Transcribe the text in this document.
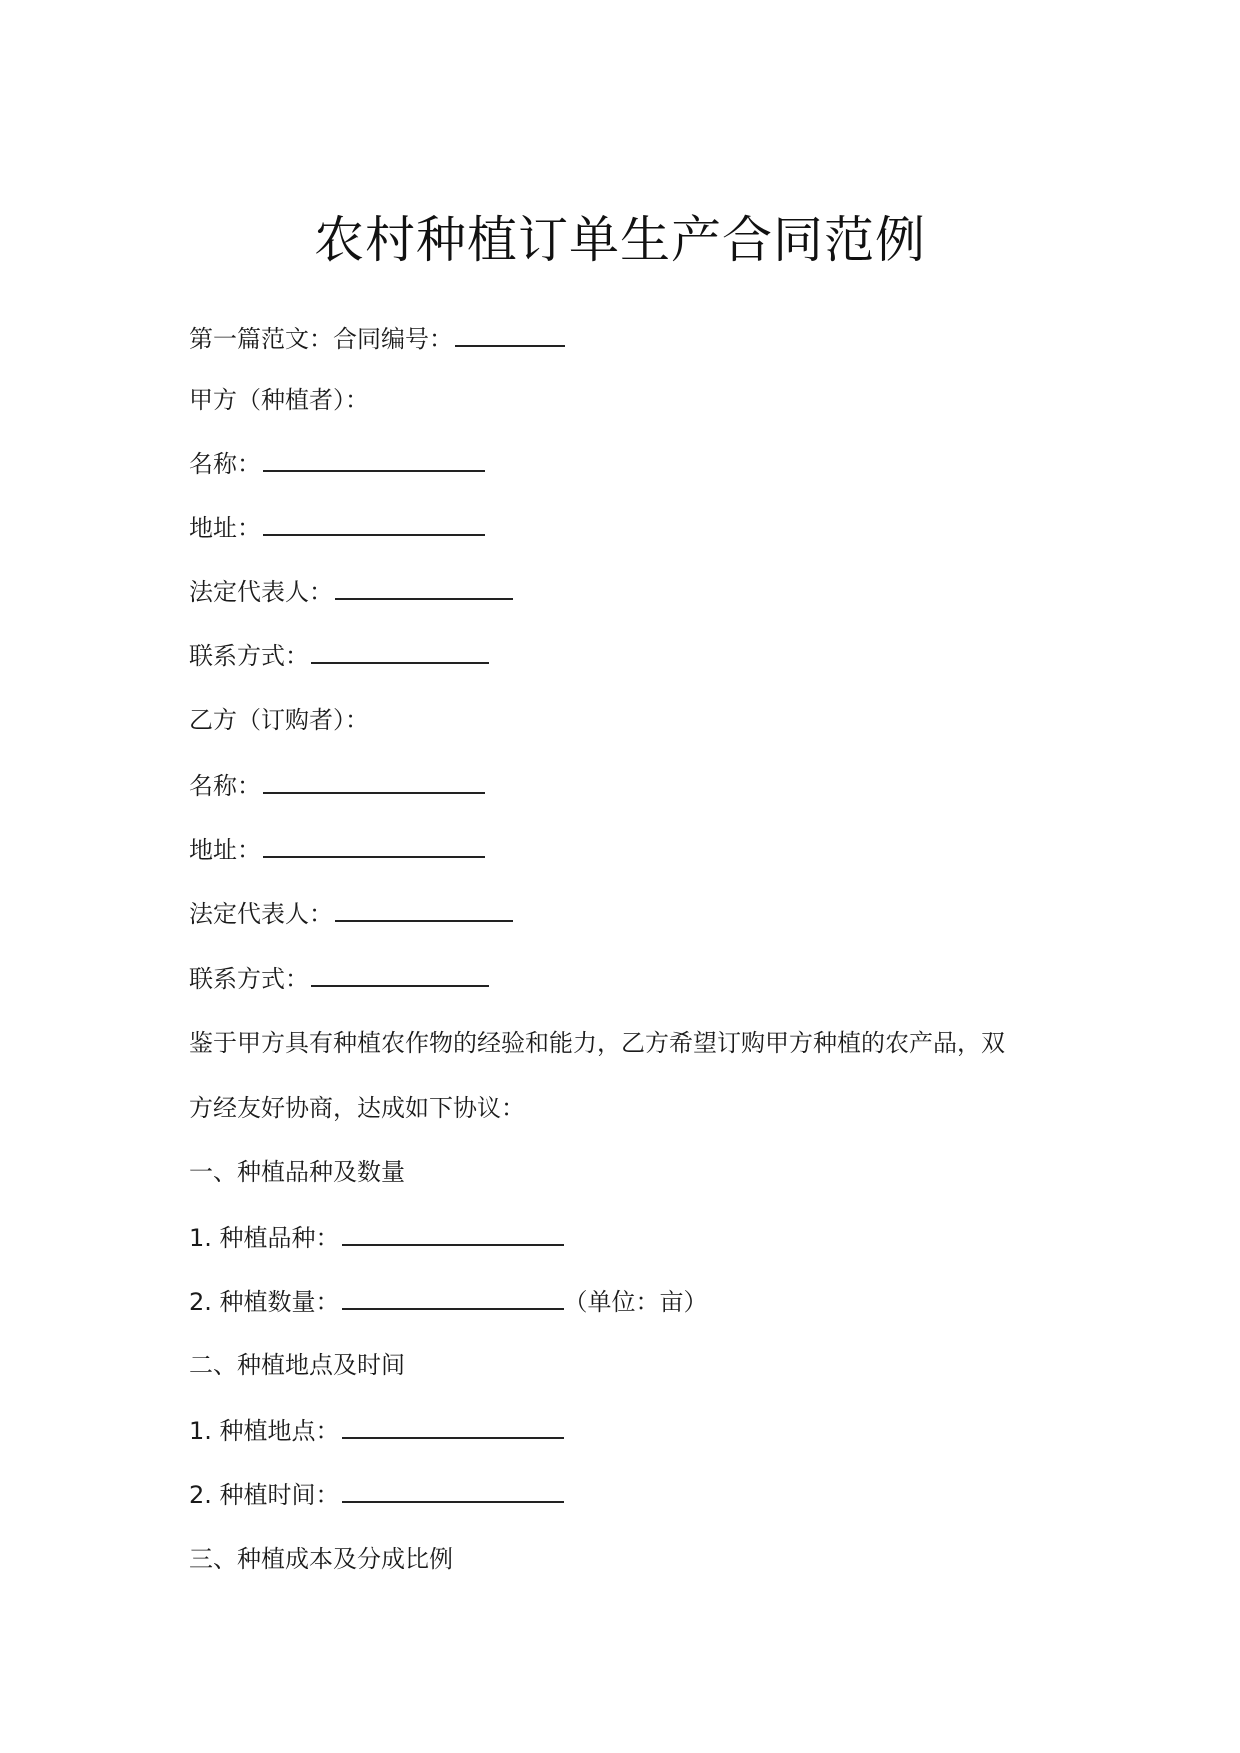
农村种植订单生产合同范例
第一篇范文：合同编号：
甲方（种植者）：
名称：
地址：
法定代表人：
联系方式：
乙方（订购者）：
名称：
地址：
法定代表人：
联系方式：
鉴于甲方具有种植农作物的经验和能力，乙方希望订购甲方种植的农产品，双
方经友好协商，达成如下协议：
一、种植品种及数量
1. 种植品种：
2. 种植数量：	（单位：亩）
二、种植地点及时间
1. 种植地点：
2. 种植时间：
三、种植成本及分成比例
